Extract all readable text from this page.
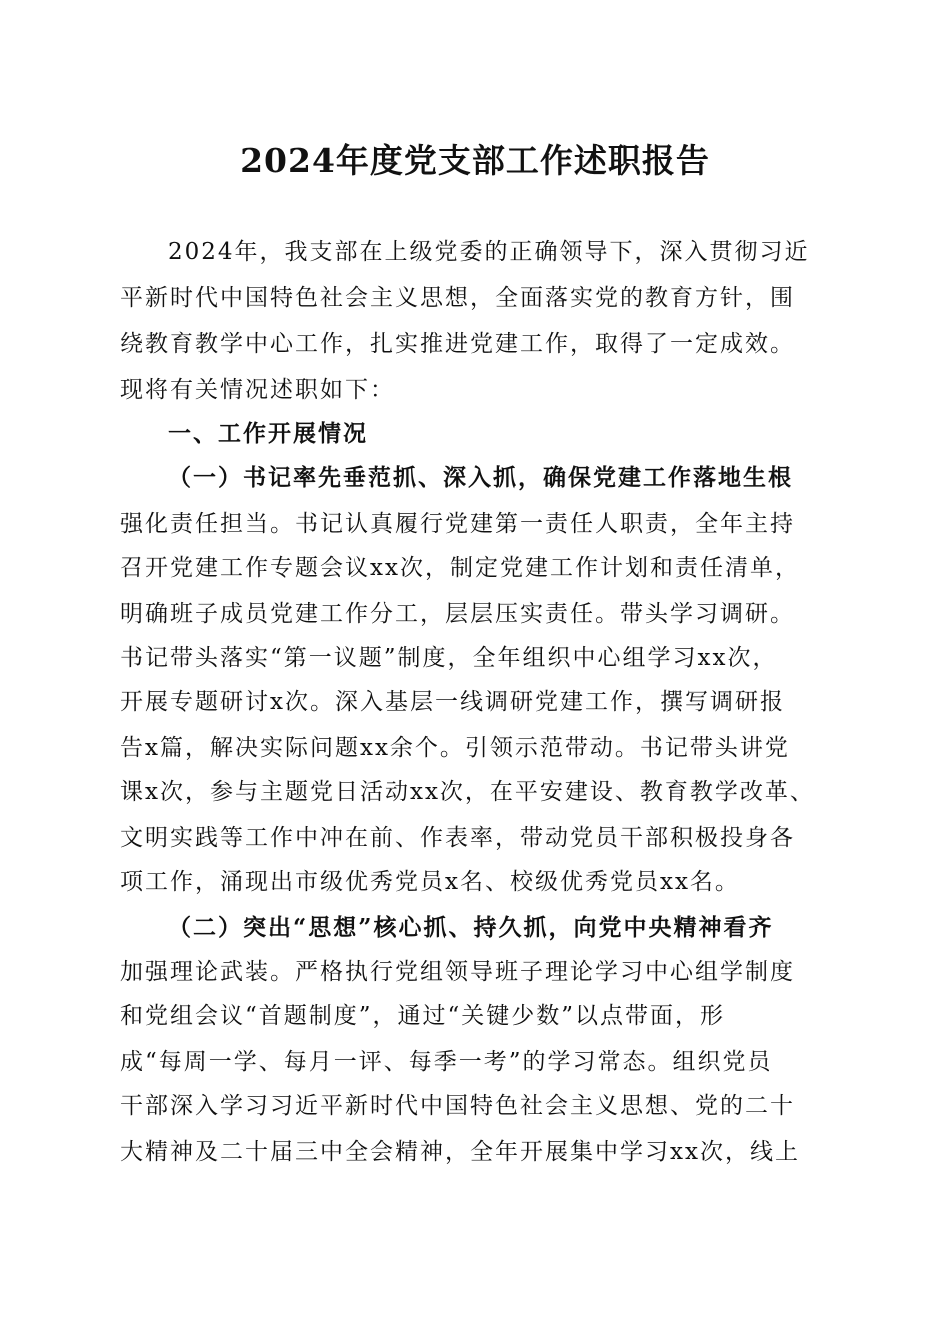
2024年度党支部工作述职报告
2024年，我支部在上级党委的正确领导下，深入贯彻习近
平新时代中国特色社会主义思想，全面落实党的教育方针，围
绕教育教学中心工作，扎实推进党建工作，取得了一定成效。
现将有关情况述职如下：
一、工作开展情况
（一）书记率先垂范抓、深入抓，确保党建工作落地生根
强化责任担当。书记认真履行党建第一责任人职责，全年主持
召开党建工作专题会议xx次，制定党建工作计划和责任清单，
明确班子成员党建工作分工，层层压实责任。带头学习调研。
书记带头落实“第一议题”制度，全年组织中心组学习xx次，
开展专题研讨x次。深入基层一线调研党建工作，撰写调研报
告x篇，解决实际问题xx余个。引领示范带动。书记带头讲党
课x次，参与主题党日活动xx次，在平安建设、教育教学改革、
文明实践等工作中冲在前、作表率，带动党员干部积极投身各
项工作，涌现出市级优秀党员x名、校级优秀党员xx名。
（二）突出“思想”核心抓、持久抓，向党中央精神看齐
加强理论武装。严格执行党组领导班子理论学习中心组学制度
和党组会议“首题制度”，通过“关键少数”以点带面，形
成“每周一学、每月一评、每季一考”的学习常态。组织党员
干部深入学习习近平新时代中国特色社会主义思想、党的二十
大精神及二十届三中全会精神，全年开展集中学习xx次，线上
